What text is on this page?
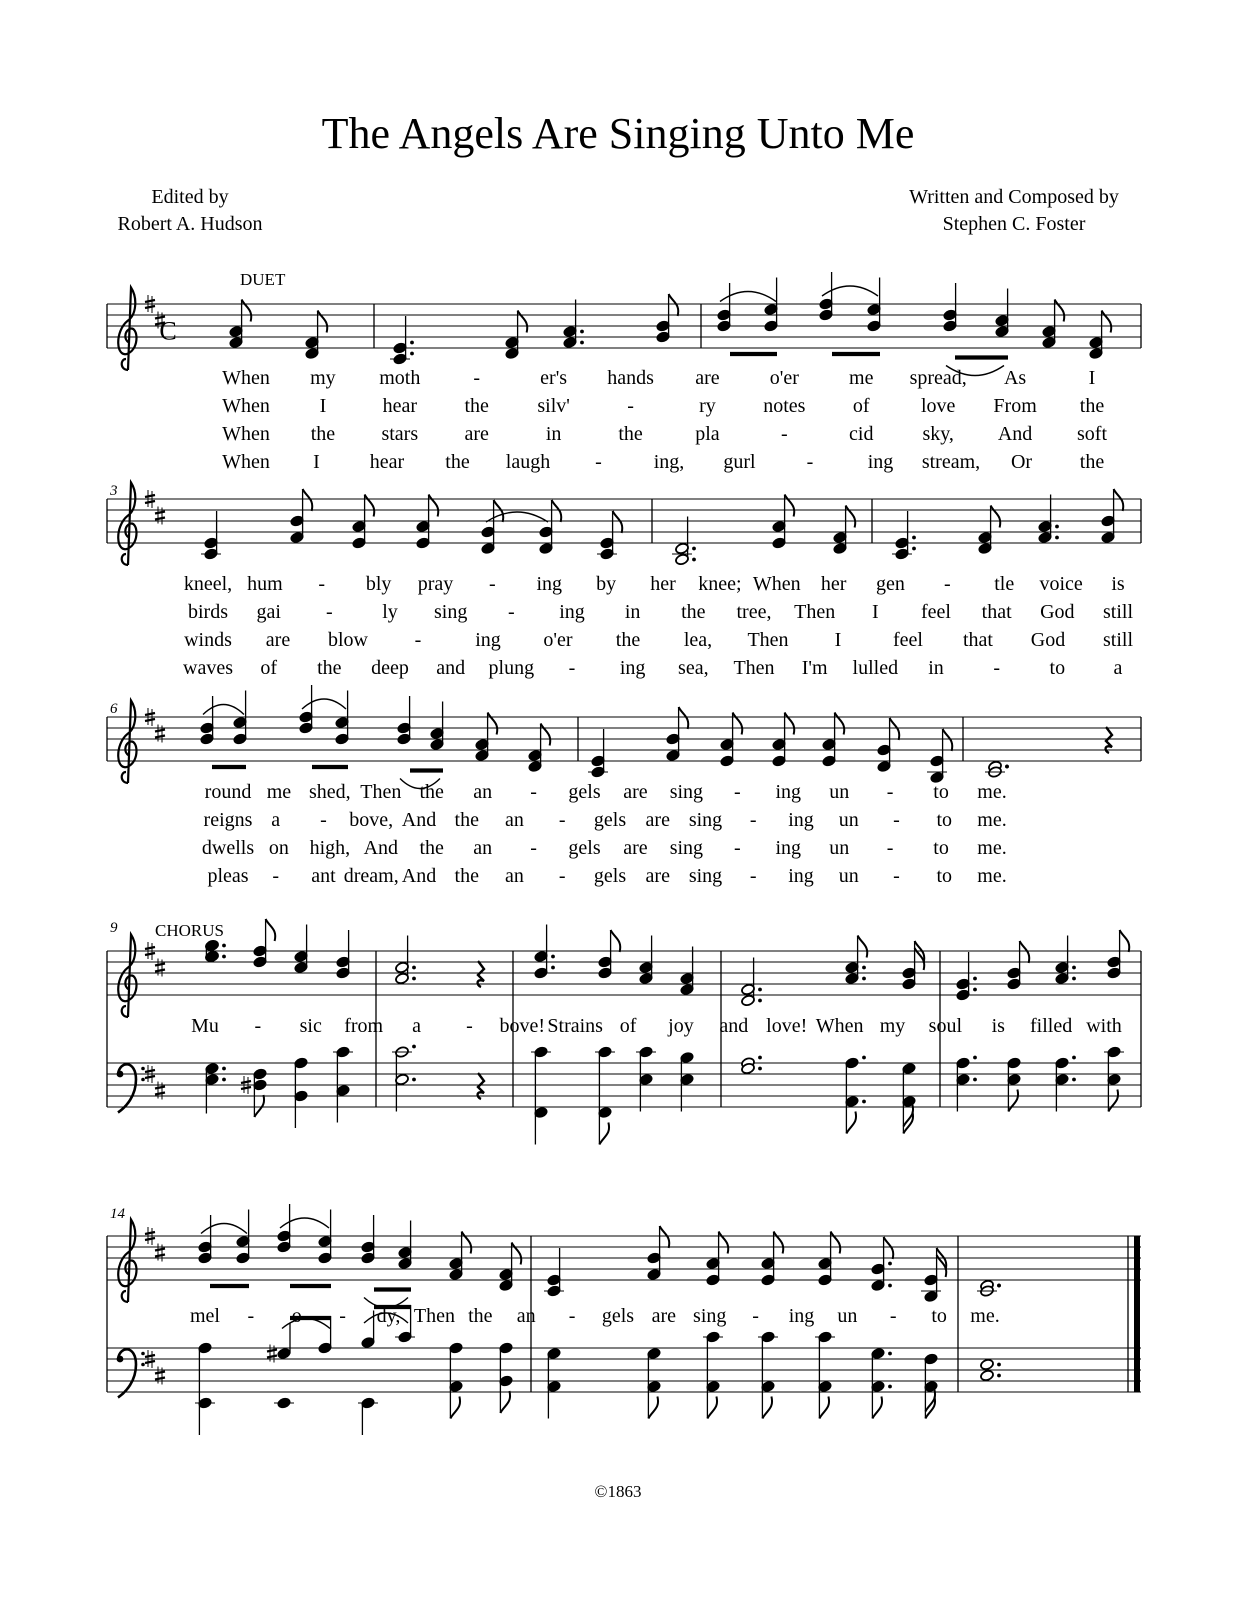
The Angels Are Singing Unto Me
Edited by
Robert A. Hudson
Written and Composed by
Stephen C. Foster
C
DUET
When my moth	-	er's hands are	o'er	me spread, As	I
When I	hear the silv'	-	ry notes of	love From the
When the stars are	in	the	pla	-	cid sky, And soft
When I hear the laugh -	ing, gurl	-	ing stream, Or the
3
kneel, hum - bly pray - ing by her knee; When her gen - tle voice is
birds gai - ly sing - ing in the tree, Then I feel that God still
winds are blow -	ing o'er the lea, Then I	feel that God still
waves of the deep and plung - ing sea, Then I'm lulled in - to a
6
round me shed, Then the an - gels are sing - ing un - to me.
reigns a - bove, And the an - gels are sing - ing un - to me.
dwells on high, And the an - gels are sing - ing un - to me.
pleas - ant dream, And the an - gels are sing - ing un - to me.
9 CHORUS
Mu - sic from a - bove! Strains of joy and love! When my soul is filled with
14
mel - o - dy, Then the an - gels are sing - ing un - to me.
©1863
